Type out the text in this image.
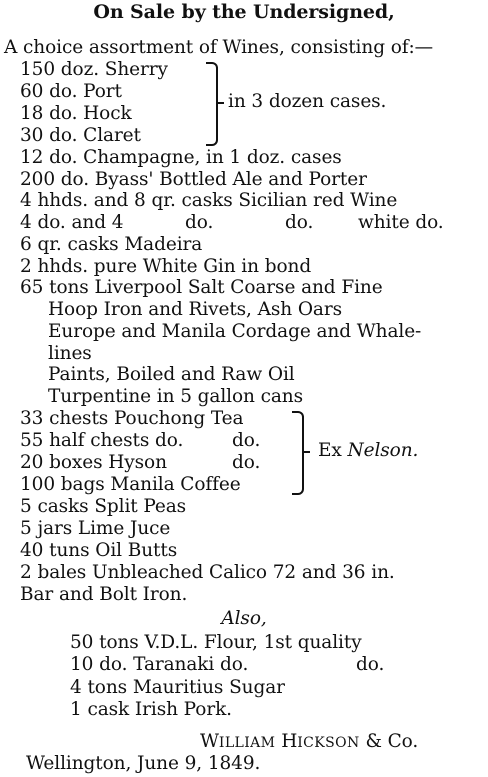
On Sale by the Undersigned,
A choice assortment of Wines, consisting of:—
150 doz. Sherry
60 do. Port
18 do. Hock
30 do. Claret
in 3 dozen cases.
12 do. Champagne, in 1 doz. cases
200 do. Byass' Bottled Ale and Porter
4 hhds. and 8 qr. casks Sicilian red Wine
4 do. and 4	do.	do. white do.
6 qr. casks Madeira
2 hhds. pure White Gin in bond
65 tons Liverpool Salt Coarse and Fine
Hoop Iron and Rivets, Ash Oars
Europe and Manila Cordage and Whale-
lines
Paints, Boiled and Raw Oil
Turpentine in 5 gallon cans
33 chests Pouchong Tea
55 half chests do.	do.
20 boxes Hyson	do.
100 bags Manila Coffee
Ex Nelson.
5 casks Split Peas
5 jars Lime Juce
40 tuns Oil Butts
2 bales Unbleached Calico 72 and 36 in.
Bar and Bolt Iron.
Also,
50 tons V.D.L. Flour, 1st quality
10 do. Taranaki do.	do.
4 tons Mauritius Sugar
1 cask Irish Pork.
WILLIAM HICKSON & Co.
Wellington, June 9, 1849.
